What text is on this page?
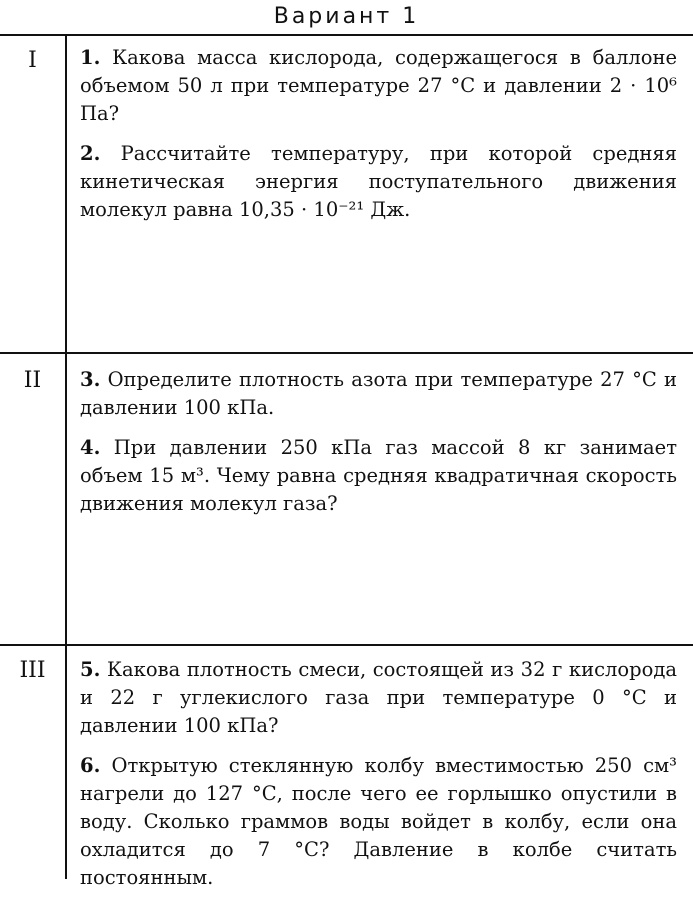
Вариант 1
I	1. Какова масса кислорода, содержащегося в баллоне объемом 50 л при температуре 27 °С и давлении 2 · 10⁶ Па?

2. Рассчитайте температуру, при которой средняя кинетическая энергия поступательного движения молекул равна 10,35 · 10⁻²¹ Дж.

II	3. Определите плотность азота при температуре 27 °С и давлении 100 кПа.

4. При давлении 250 кПа газ массой 8 кг занимает объем 15 м³. Чему равна средняя квадратичная скорость движения молекул газа?

III	5. Какова плотность смеси, состоящей из 32 г кислорода и 22 г углекислого газа при температуре 0 °С и давлении 100 кПа?

6. Открытую стеклянную колбу вместимостью 250 см³ нагрели до 127 °С, после чего ее горлышко опустили в воду. Сколько граммов воды войдет в колбу, если она охладится до 7 °С? Давление в колбе считать постоянным.
